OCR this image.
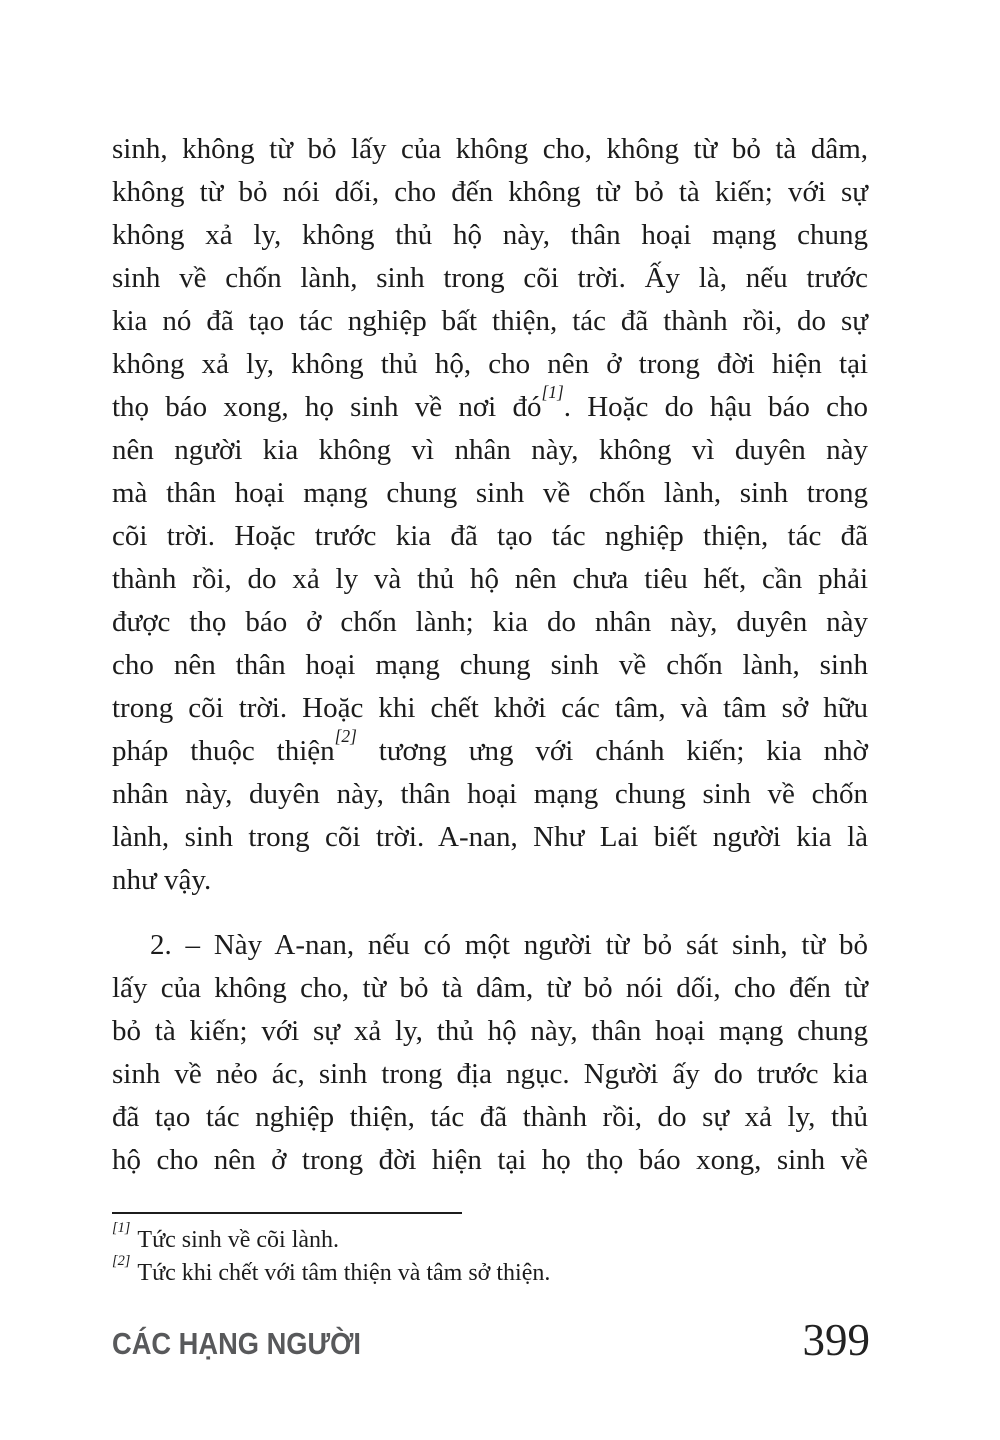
sinh, không từ bỏ lấy của không cho, không từ bỏ tà dâm,
không từ bỏ nói dối, cho đến không từ bỏ tà kiến; với sự
không xả ly, không thủ hộ này, thân hoại mạng chung
sinh về chốn lành, sinh trong cõi trời. Ấy là, nếu trước
kia nó đã tạo tác nghiệp bất thiện, tác đã thành rồi, do sự
không xả ly, không thủ hộ, cho nên ở trong đời hiện tại
thọ báo xong, họ sinh về nơi đó[1]. Hoặc do hậu báo cho
nên người kia không vì nhân này, không vì duyên này
mà thân hoại mạng chung sinh về chốn lành, sinh trong
cõi trời. Hoặc trước kia đã tạo tác nghiệp thiện, tác đã
thành rồi, do xả ly và thủ hộ nên chưa tiêu hết, cần phải
được thọ báo ở chốn lành; kia do nhân này, duyên này
cho nên thân hoại mạng chung sinh về chốn lành, sinh
trong cõi trời. Hoặc khi chết khởi các tâm, và tâm sở hữu
pháp thuộc thiện[2] tương ưng với chánh kiến; kia nhờ
nhân này, duyên này, thân hoại mạng chung sinh về chốn
lành, sinh trong cõi trời. A-nan, Như Lai biết người kia là
như vậy.
2. – Này A-nan, nếu có một người từ bỏ sát sinh, từ bỏ
lấy của không cho, từ bỏ tà dâm, từ bỏ nói dối, cho đến từ
bỏ tà kiến; với sự xả ly, thủ hộ này, thân hoại mạng chung
sinh về nẻo ác, sinh trong địa ngục. Người ấy do trước kia
đã tạo tác nghiệp thiện, tác đã thành rồi, do sự xả ly, thủ
hộ cho nên ở trong đời hiện tại họ thọ báo xong, sinh về
[1] Tức sinh về cõi lành.
[2] Tức khi chết với tâm thiện và tâm sở thiện.
CÁC HẠNG NGƯỜI	399
